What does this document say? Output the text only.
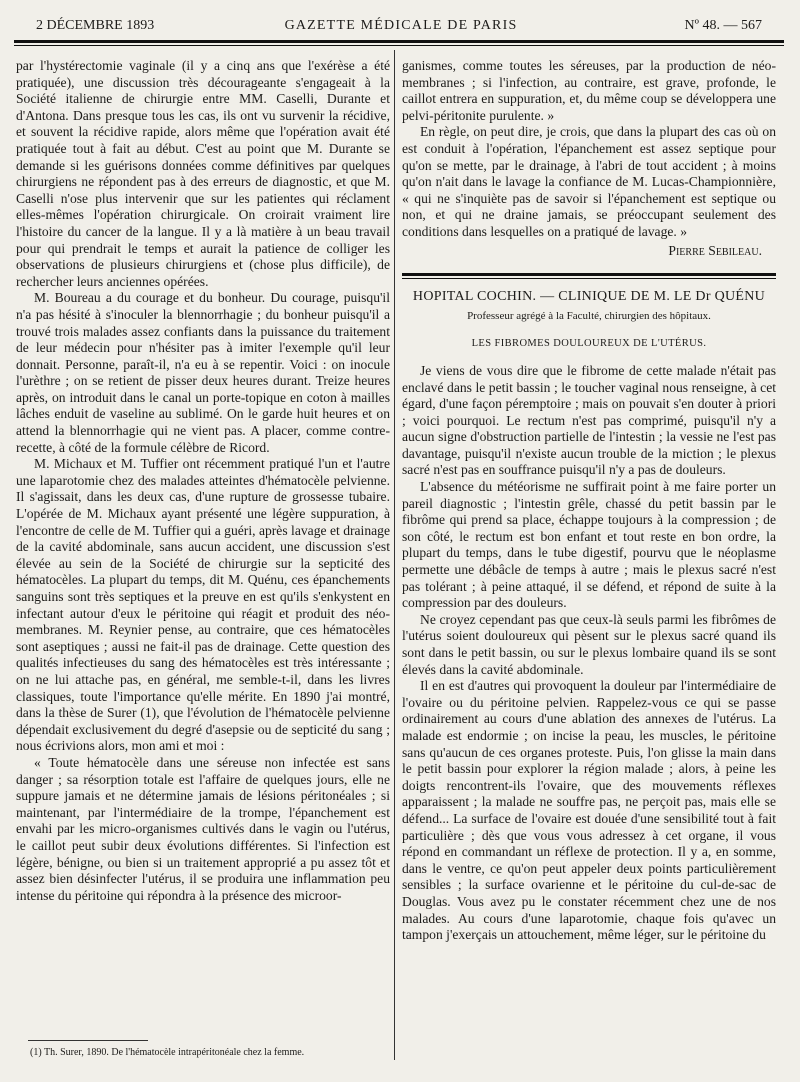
2 DÉCEMBRE 1893	GAZETTE MÉDICALE DE PARIS	Nº 48. — 567

par l'hystérectomie vaginale (il y a cinq ans que l'exérèse a été pratiquée), une discussion très décourageante s'engageait à la Société italienne de chirurgie entre MM. Caselli, Durante et d'Antona. Dans presque tous les cas, ils ont vu survenir la récidive, et souvent la récidive rapide, alors même que l'opération avait été pratiquée tout à fait au début. C'est au point que M. Durante se demande si les guérisons données comme définitives par quelques chirurgiens ne répondent pas à des erreurs de diagnostic, et que M. Caselli n'ose plus intervenir que sur les patientes qui réclament elles-mêmes l'opération chirurgicale. On croirait vraiment lire l'histoire du cancer de la langue. Il y a là matière à un beau travail pour qui prendrait le temps et aurait la patience de colliger les observations de plusieurs chirurgiens et (chose plus difficile), de rechercher leurs anciennes opérées.

M. Boureau a du courage et du bonheur. Du courage, puisqu'il n'a pas hésité à s'inoculer la blennorrhagie ; du bonheur puisqu'il a trouvé trois malades assez confiants dans la puissance du traitement de leur médecin pour n'hésiter pas à imiter l'exemple qu'il leur donnait. Personne, paraît-il, n'a eu à se repentir. Voici : on inocule l'urèthre ; on se retient de pisser deux heures durant. Treize heures après, on introduit dans le canal un porte-topique en coton à mailles lâches enduit de vaseline au sublimé. On le garde huit heures et on attend la blennorrhagie qui ne vient pas. A placer, comme contre-recette, à côté de la formule célèbre de Ricord.

M. Michaux et M. Tuffier ont récemment pratiqué l'un et l'autre une laparotomie chez des malades atteintes d'hématocèle pelvienne. Il s'agissait, dans les deux cas, d'une rupture de grossesse tubaire. L'opérée de M. Michaux ayant présenté une légère suppuration, à l'encontre de celle de M. Tuffier qui a guéri, après lavage et drainage de la cavité abdominale, sans aucun accident, une discussion s'est élevée au sein de la Société de chirurgie sur la septicité des hématocèles. La plupart du temps, dit M. Quénu, ces épanchements sanguins sont très septiques et la preuve en est qu'ils s'enkystent en infectant autour d'eux le péritoine qui réagit et produit des néo-membranes. M. Reynier pense, au contraire, que ces hématocèles sont aseptiques ; aussi ne fait-il pas de drainage. Cette question des qualités infectieuses du sang des hématocèles est très intéressante ; on ne lui attache pas, en général, me semble-t-il, dans les livres classiques, toute l'importance qu'elle mérite. En 1890 j'ai montré, dans la thèse de Surer (1), que l'évolution de l'hématocèle pelvienne dépendait exclusivement du degré d'asepsie ou de septicité du sang ; nous écrivions alors, mon ami et moi :

« Toute hématocèle dans une séreuse non infectée est sans danger ; sa résorption totale est l'affaire de quelques jours, elle ne suppure jamais et ne détermine jamais de lésions péritonéales ; si maintenant, par l'intermédiaire de la trompe, l'épanchement est envahi par les micro-organismes cultivés dans le vagin ou l'utérus, le caillot peut subir deux évolutions différentes. Si l'infection est légère, bénigne, ou bien si un traitement approprié a pu assez tôt et assez bien désinfecter l'utérus, il se produira une inflammation peu intense du péritoine qui répondra à la présence des microor-

ganismes, comme toutes les séreuses, par la production de néo-membranes ; si l'infection, au contraire, est grave, profonde, le caillot entrera en suppuration, et, du même coup se développera une pelvi-péritonite purulente. »

En règle, on peut dire, je crois, que dans la plupart des cas où on est conduit à l'opération, l'épanchement est assez septique pour qu'on se mette, par le drainage, à l'abri de tout accident ; à moins qu'on n'ait dans le lavage la confiance de M. Lucas-Championnière, « qui ne s'inquiète pas de savoir si l'épanchement est septique ou non, et qui ne draine jamais, se préoccupant seulement des conditions dans lesquelles on a pratiqué de lavage. »

Pierre Sebileau.

HOPITAL COCHIN. — CLINIQUE DE M. LE Dr QUÉNU

Professeur agrégé à la Faculté, chirurgien des hôpitaux.

LES FIBROMES DOULOUREUX DE L'UTÉRUS.

Je viens de vous dire que le fibrome de cette malade n'était pas enclavé dans le petit bassin ; le toucher vaginal nous renseigne, à cet égard, d'une façon péremptoire ; mais on pouvait s'en douter à priori ; voici pourquoi. Le rectum n'est pas comprimé, puisqu'il n'y a aucun signe d'obstruction partielle de l'intestin ; la vessie ne l'est pas davantage, puisqu'il n'existe aucun trouble de la miction ; le plexus sacré n'est pas en souffrance puisqu'il n'y a pas de douleurs.

L'absence du météorisme ne suffirait point à me faire porter un pareil diagnostic ; l'intestin grêle, chassé du petit bassin par le fibrôme qui prend sa place, échappe toujours à la compression ; de son côté, le rectum est bon enfant et tout reste en bon ordre, la plupart du temps, dans le tube digestif, pourvu que le néoplasme permette une débâcle de temps à autre ; mais le plexus sacré n'est pas tolérant ; à peine attaqué, il se défend, et répond de suite à la compression par des douleurs.

Ne croyez cependant pas que ceux-là seuls parmi les fibrômes de l'utérus soient douloureux qui pèsent sur le plexus sacré quand ils sont dans le petit bassin, ou sur le plexus lombaire quand ils se sont élevés dans la cavité abdominale.

Il en est d'autres qui provoquent la douleur par l'intermédiaire de l'ovaire ou du péritoine pelvien. Rappelez-vous ce qui se passe ordinairement au cours d'une ablation des annexes de l'utérus. La malade est endormie ; on incise la peau, les muscles, le péritoine sans qu'aucun de ces organes proteste. Puis, l'on glisse la main dans le petit bassin pour explorer la région malade ; alors, à peine les doigts rencontrent-ils l'ovaire, que des mouvements réflexes apparaissent ; la malade ne souffre pas, ne perçoit pas, mais elle se défend... La surface de l'ovaire est douée d'une sensibilité tout à fait particulière ; dès que vous vous adressez à cet organe, il vous répond en commandant un réflexe de protection. Il y a, en somme, dans le ventre, ce qu'on peut appeler deux points particulièrement sensibles ; la surface ovarienne et le péritoine du cul-de-sac de Douglas. Vous avez pu le constater récemment chez une de nos malades. Au cours d'une laparotomie, chaque fois qu'avec un tampon j'exerçais un attouchement, même léger, sur le péritoine du

(1) Th. Surer, 1890. De l'hématocèle intrapéritonéale chez la femme.
